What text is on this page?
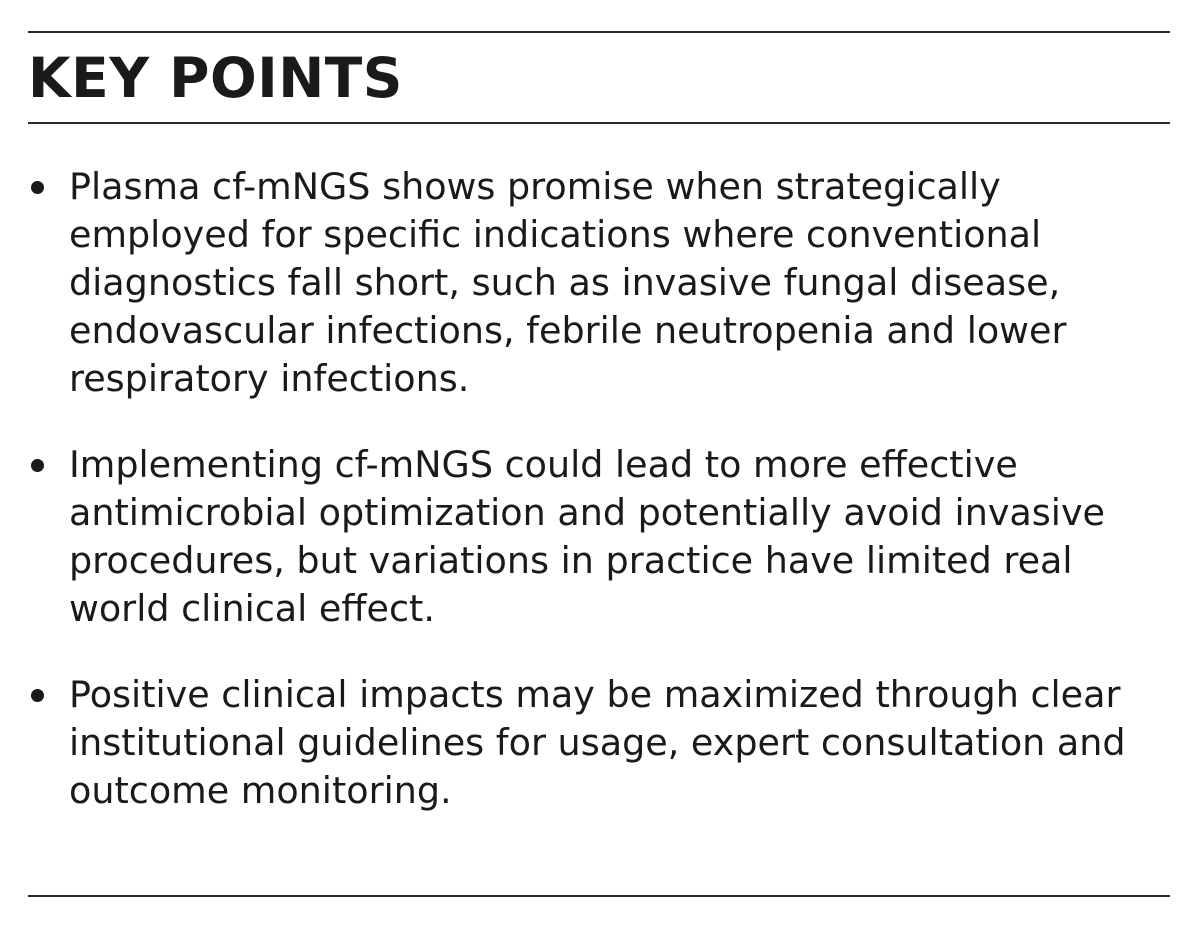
KEY POINTS
Plasma cf-mNGS shows promise when strategically employed for specific indications where conventional diagnostics fall short, such as invasive fungal disease, endovascular infections, febrile neutropenia and lower respiratory infections.
Implementing cf-mNGS could lead to more effective antimicrobial optimization and potentially avoid invasive procedures, but variations in practice have limited real world clinical effect.
Positive clinical impacts may be maximized through clear institutional guidelines for usage, expert consultation and outcome monitoring.
